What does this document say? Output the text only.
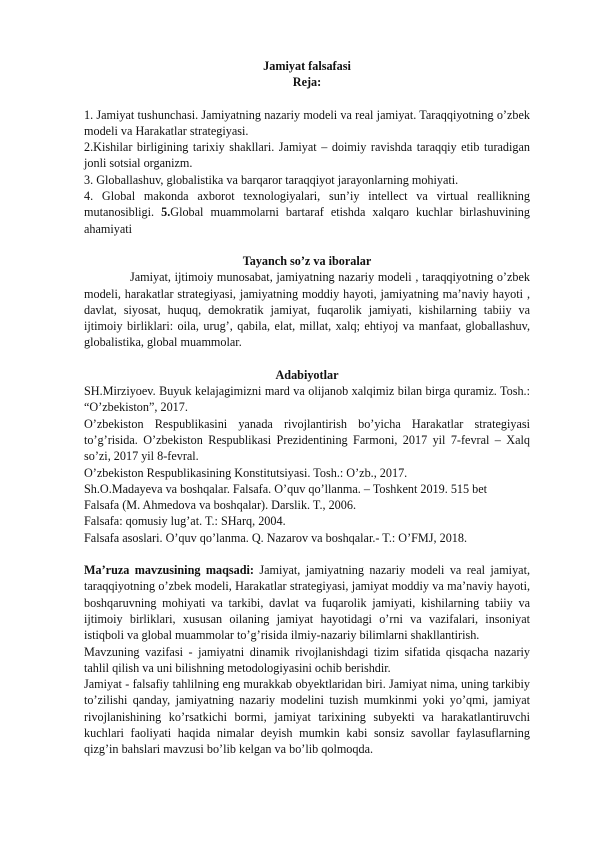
Jamiyat falsafasi
Reja:

1. Jamiyat tushunchasi. Jamiyatning nazariy modeli va real jamiyat. Taraqqiyotning o’zbek modeli va Harakatlar strategiyasi.

2.Kishilar birligining tarixiy shakllari. Jamiyat – doimiy ravishda taraqqiy etib turadigan jonli sotsial organizm.

3. Globallashuv, globalistika va barqaror taraqqiyot jarayonlarning mohiyati.

4. Global makonda axborot texnologiyalari, sun’iy intellect va virtual reallikning mutanosibligi. 5.Global muammolarni bartaraf etishda xalqaro kuchlar birlashuvining ahamiyati

Tayanch so’z va iboralar

Jamiyat, ijtimoiy munosabat, jamiyatning nazariy modeli , taraqqiyotning o’zbek modeli, harakatlar strategiyasi, jamiyatning moddiy hayoti, jamiyatning ma’naviy hayoti , davlat, siyosat, huquq, demokratik jamiyat, fuqarolik jamiyati, kishilarning tabiiy va ijtimoiy birliklari: oila, urug’, qabila, elat, millat, xalq; ehtiyoj va manfaat, globallashuv, globalistika, global muammolar.

Adabiyotlar

SH.Mirziyoev. Buyuk kelajagimizni mard va olijanob xalqimiz bilan birga quramiz. Tosh.: “O’zbekiston”, 2017.

O’zbekiston Respublikasini yanada rivojlantirish bo’yicha Harakatlar strategiyasi to’g’risida. O’zbekiston Respublikasi Prezidentining Farmoni, 2017 yil 7-fevral – Xalq so’zi, 2017 yil 8-fevral.

O’zbekiston Respublikasining Konstitutsiyasi. Tosh.: O’zb., 2017.

Sh.O.Madayeva va boshqalar. Falsafa. O’quv qo’llanma. – Toshkent 2019. 515 bet

Falsafa (M. Ahmedova va boshqalar). Darslik. T., 2006.

Falsafa: qomusiy lug’at. T.: SHarq, 2004.

Falsafa asoslari. O’quv qo’lanma. Q. Nazarov va boshqalar.- T.: O’FMJ, 2018.

Ma’ruza mavzusining maqsadi: Jamiyat, jamiyatning nazariy modeli va real jamiyat, taraqqiyotning o’zbek modeli, Harakatlar strategiyasi, jamiyat moddiy va ma’naviy hayoti, boshqaruvning mohiyati va tarkibi, davlat va fuqarolik jamiyati, kishilarning tabiiy va ijtimoiy birliklari, xususan oilaning jamiyat hayotidagi o’rni va vazifalari, insoniyat istiqboli va global muammolar to’g’risida ilmiy-nazariy bilimlarni shakllantirish.

Mavzuning vazifasi - jamiyatni dinamik rivojlanishdagi tizim sifatida qisqacha nazariy tahlil qilish va uni bilishning metodologiyasini ochib berishdir.

Jamiyat - falsafiy tahlilning eng murakkab obyektlaridan biri. Jamiyat nima, uning tarkibiy to’zilishi qanday, jamiyatning nazariy modelini tuzish mumkinmi yoki yo’qmi, jamiyat rivojlanishining ko’rsatkichi bormi, jamiyat tarixining subyekti va harakatlantiruvchi kuchlari faoliyati haqida nimalar deyish mumkin kabi sonsiz savollar faylasuflarning qizg’in bahslari mavzusi bo’lib kelgan va bo’lib qolmoqda.
